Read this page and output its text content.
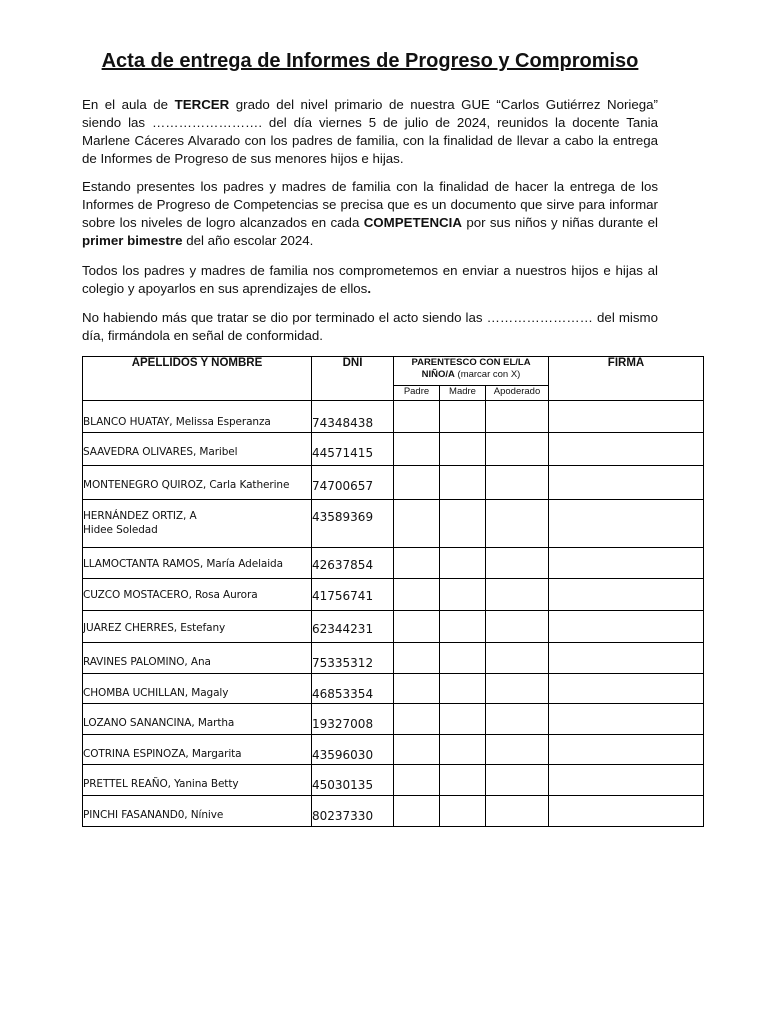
Acta de entrega de Informes de Progreso y Compromiso
En el aula de TERCER grado del nivel primario de nuestra GUE “Carlos Gutiérrez Noriega” siendo las ……………………. del día viernes 5 de julio de 2024, reunidos la docente Tania Marlene Cáceres Alvarado con los padres de familia, con la finalidad de llevar a cabo la entrega de Informes de Progreso de sus menores hijos e hijas.
Estando presentes los padres y madres de familia con la finalidad de hacer la entrega de los Informes de Progreso de Competencias se precisa que es un documento que sirve para informar sobre los niveles de logro alcanzados en cada COMPETENCIA por sus niños y niñas durante el primer bimestre del año escolar 2024.
Todos los padres y madres de familia nos comprometemos en enviar a nuestros hijos e hijas al colegio y apoyarlos en sus aprendizajes de ellos.
No habiendo más que tratar se dio por terminado el acto siendo las …………………… del mismo día, firmándola en señal de conformidad.
APELLIDOS Y NOMBRE	DNI	PARENTESCO CON EL/LA NIÑO/A (marcar con X)			FIRMA
		Padre	Madre	Apoderado	
BLANCO HUATAY, Melissa Esperanza	74348438				
SAAVEDRA OLIVARES, Maribel	44571415				
MONTENEGRO QUIROZ, Carla Katherine	74700657				
HERNÁNDEZ ORTIZ, A
Hidee Soledad	43589369				
LLAMOCTANTA RAMOS, María Adelaida	42637854				
CUZCO MOSTACERO, Rosa Aurora	41756741				
JUAREZ CHERRES, Estefany	62344231				
RAVINES PALOMINO, Ana	75335312				
CHOMBA UCHILLAN, Magaly	46853354				
LOZANO SANANCINA, Martha	19327008				
COTRINA ESPINOZA, Margarita	43596030				
PRETTEL REAÑO, Yanina Betty	45030135				
PINCHI FASANAND0, Nínive	80237330				
